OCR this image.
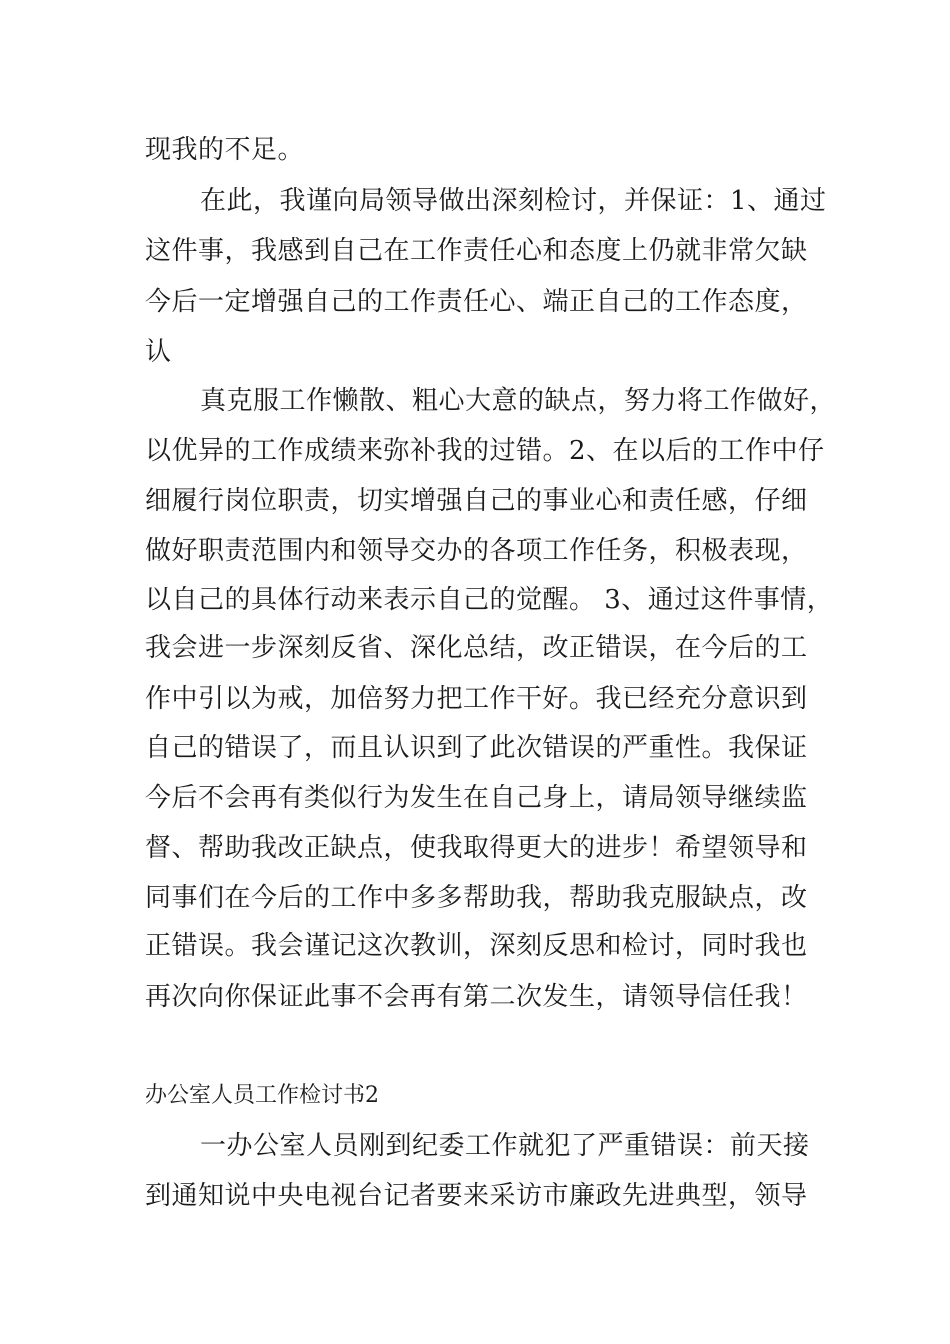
现我的不足。
在此，我谨向局领导做出深刻检讨，并保证：1、通过
这件事，我感到自己在工作责任心和态度上仍就非常欠缺
今后一定增强自己的工作责任心、端正自己的工作态度，
认
真克服工作懒散、粗心大意的缺点，努力将工作做好，
以优异的工作成绩来弥补我的过错。2、在以后的工作中仔
细履行岗位职责，切实增强自己的事业心和责任感，仔细
做好职责范围内和领导交办的各项工作任务，积极表现，
以自己的具体行动来表示自己的觉醒。 3、通过这件事情，
我会进一步深刻反省、深化总结，改正错误，在今后的工
作中引以为戒，加倍努力把工作干好。我已经充分意识到
自己的错误了，而且认识到了此次错误的严重性。我保证
今后不会再有类似行为发生在自己身上，请局领导继续监
督、帮助我改正缺点，使我取得更大的进步！希望领导和
同事们在今后的工作中多多帮助我，帮助我克服缺点，改
正错误。我会谨记这次教训，深刻反思和检讨，同时我也
再次向你保证此事不会再有第二次发生，请领导信任我！
办公室人员工作检讨书2
一办公室人员刚到纪委工作就犯了严重错误：前天接
到通知说中央电视台记者要来采访市廉政先进典型，领导
